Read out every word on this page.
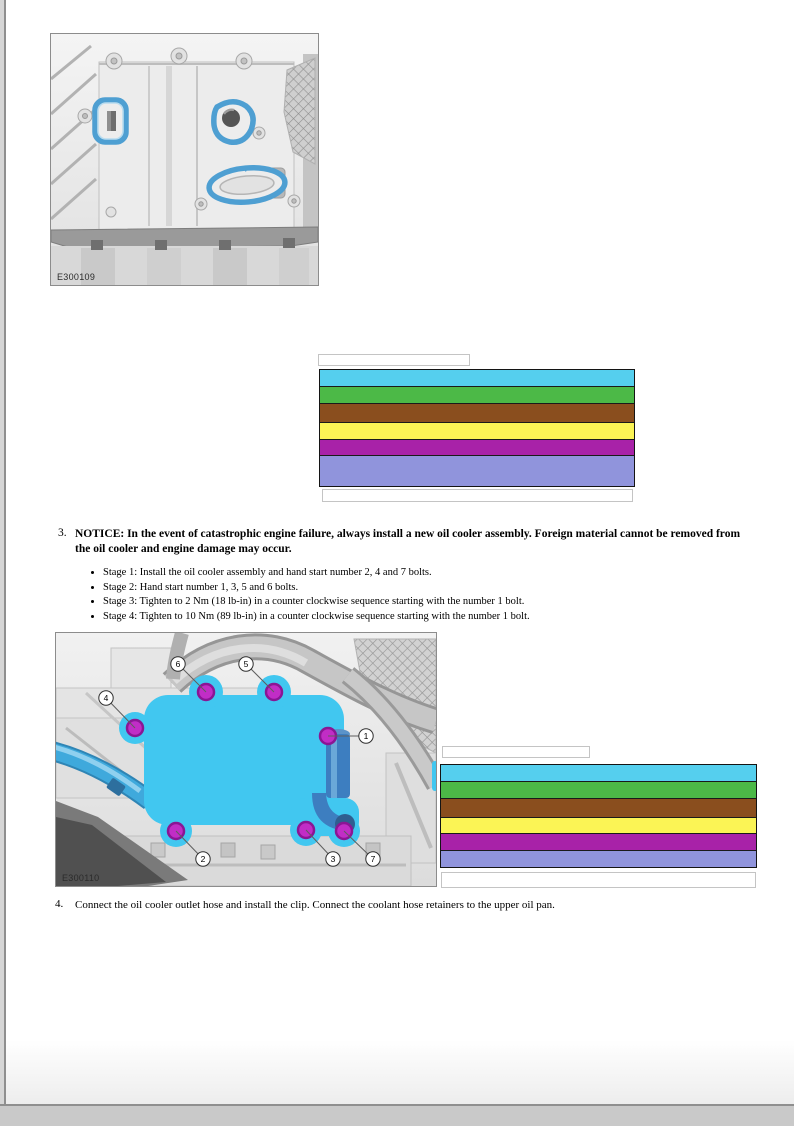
E300109
3. NOTICE: In the event of catastrophic engine failure, always install a new oil cooler assembly. Foreign material cannot be removed from the oil cooler and engine damage may occur.
• Stage 1: Install the oil cooler assembly and hand start number 2, 4 and 7 bolts.
• Stage 2: Hand start number 1, 3, 5 and 6 bolts.
• Stage 3: Tighten to 2 Nm (18 lb-in) in a counter clockwise sequence starting with the number 1 bolt.
• Stage 4: Tighten to 10 Nm (89 lb-in) in a counter clockwise sequence starting with the number 1 bolt.
6	5
4
1
2	3	7
E300110
4.	Connect the oil cooler outlet hose and install the clip. Connect the coolant hose retainers to the upper oil pan.
